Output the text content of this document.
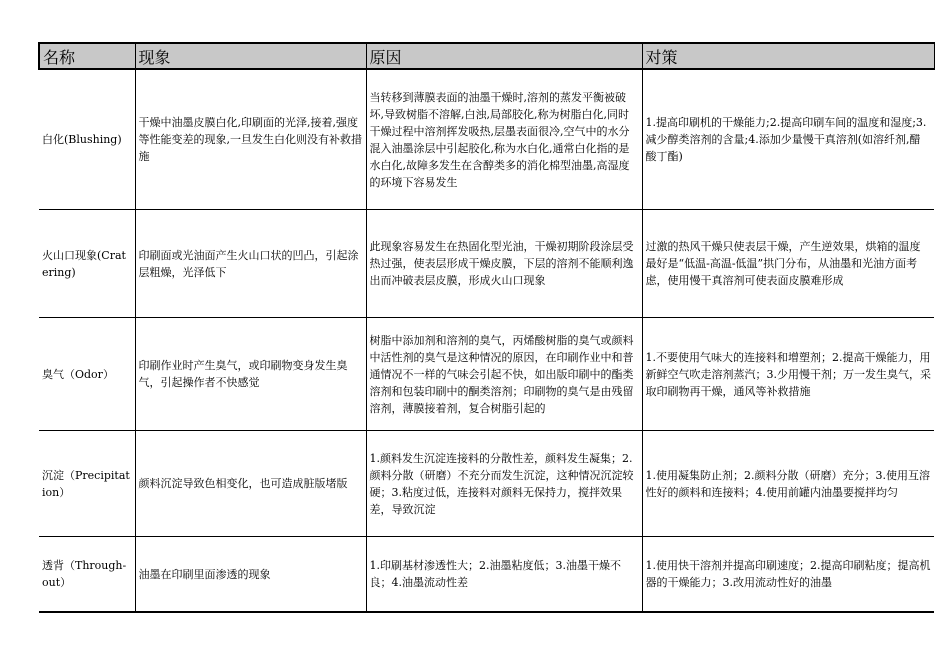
名称	现象	原因	对策
白化(Blushing)	干燥中油墨皮膜白化,印刷面的光泽,接着,强度等性能变差的现象,一旦发生白化则没有补救措施	当转移到薄膜表面的油墨干燥时,溶剂的蒸发平衡被破坏,导致树脂不溶解,白浊,局部胶化,称为树脂白化,同时干燥过程中溶剂挥发吸热,层墨表面很冷,空气中的水分混入油墨涂层中引起胶化,称为水白化,通常白化指的是水白化,故障多发生在含醇类多的消化棉型油墨,高湿度的环境下容易发生	1.提高印刷机的干燥能力;2.提高印刷车间的温度和湿度;3.减少醇类溶剂的含量;4.添加少量慢干真溶剂(如溶纤剂,醋酸丁酯)
火山口现象(Cratering)	印刷面或光油面产生火山口状的凹凸，引起涂层粗燥，光泽低下	此现象容易发生在热固化型光油，干燥初期阶段涂层受热过强，使表层形成干燥皮膜，下层的溶剂不能顺利逸出而冲破表层皮膜，形成火山口现象	过激的热风干燥只使表层干燥，产生逆效果，烘箱的温度最好是“低温-高温-低温”拱门分布，从油墨和光油方面考虑，使用慢干真溶剂可使表面皮膜难形成
臭气（Odor）	印刷作业时产生臭气，或印刷物变身发生臭气，引起操作者不快感觉	树脂中添加剂和溶剂的臭气，丙烯酸树脂的臭气或颜料中活性剂的臭气是这种情况的原因，在印刷作业中和普通情况不一样的气味会引起不快，如出版印刷中的酯类溶剂和包装印刷中的酮类溶剂；印刷物的臭气是由残留溶剂，薄膜接着剂，复合树脂引起的	1.不要使用气味大的连接料和增塑剂；2.提高干燥能力，用新鲜空气吹走溶剂蒸汽；3.少用慢干剂；万一发生臭气，采取印刷物再干燥，通风等补救措施
沉淀（Precipitation）	颜料沉淀导致色相变化，也可造成脏版堵版	1.颜料发生沉淀连接料的分散性差，颜料发生凝集；2.颜料分散（研磨）不充分而发生沉淀，这种情况沉淀较硬；3.粘度过低，连接料对颜料无保持力，搅拌效果差，导致沉淀	1.使用凝集防止剂；2.颜料分散（研磨）充分；3.使用互溶性好的颜料和连接料；4.使用前罐内油墨要搅拌均匀
透背（Through-out）	油墨在印刷里面渗透的现象	1.印刷基材渗透性大；2.油墨粘度低；3.油墨干燥不良；4.油墨流动性差	1.使用快干溶剂并提高印刷速度；2.提高印刷粘度；提高机器的干燥能力；3.改用流动性好的油墨
